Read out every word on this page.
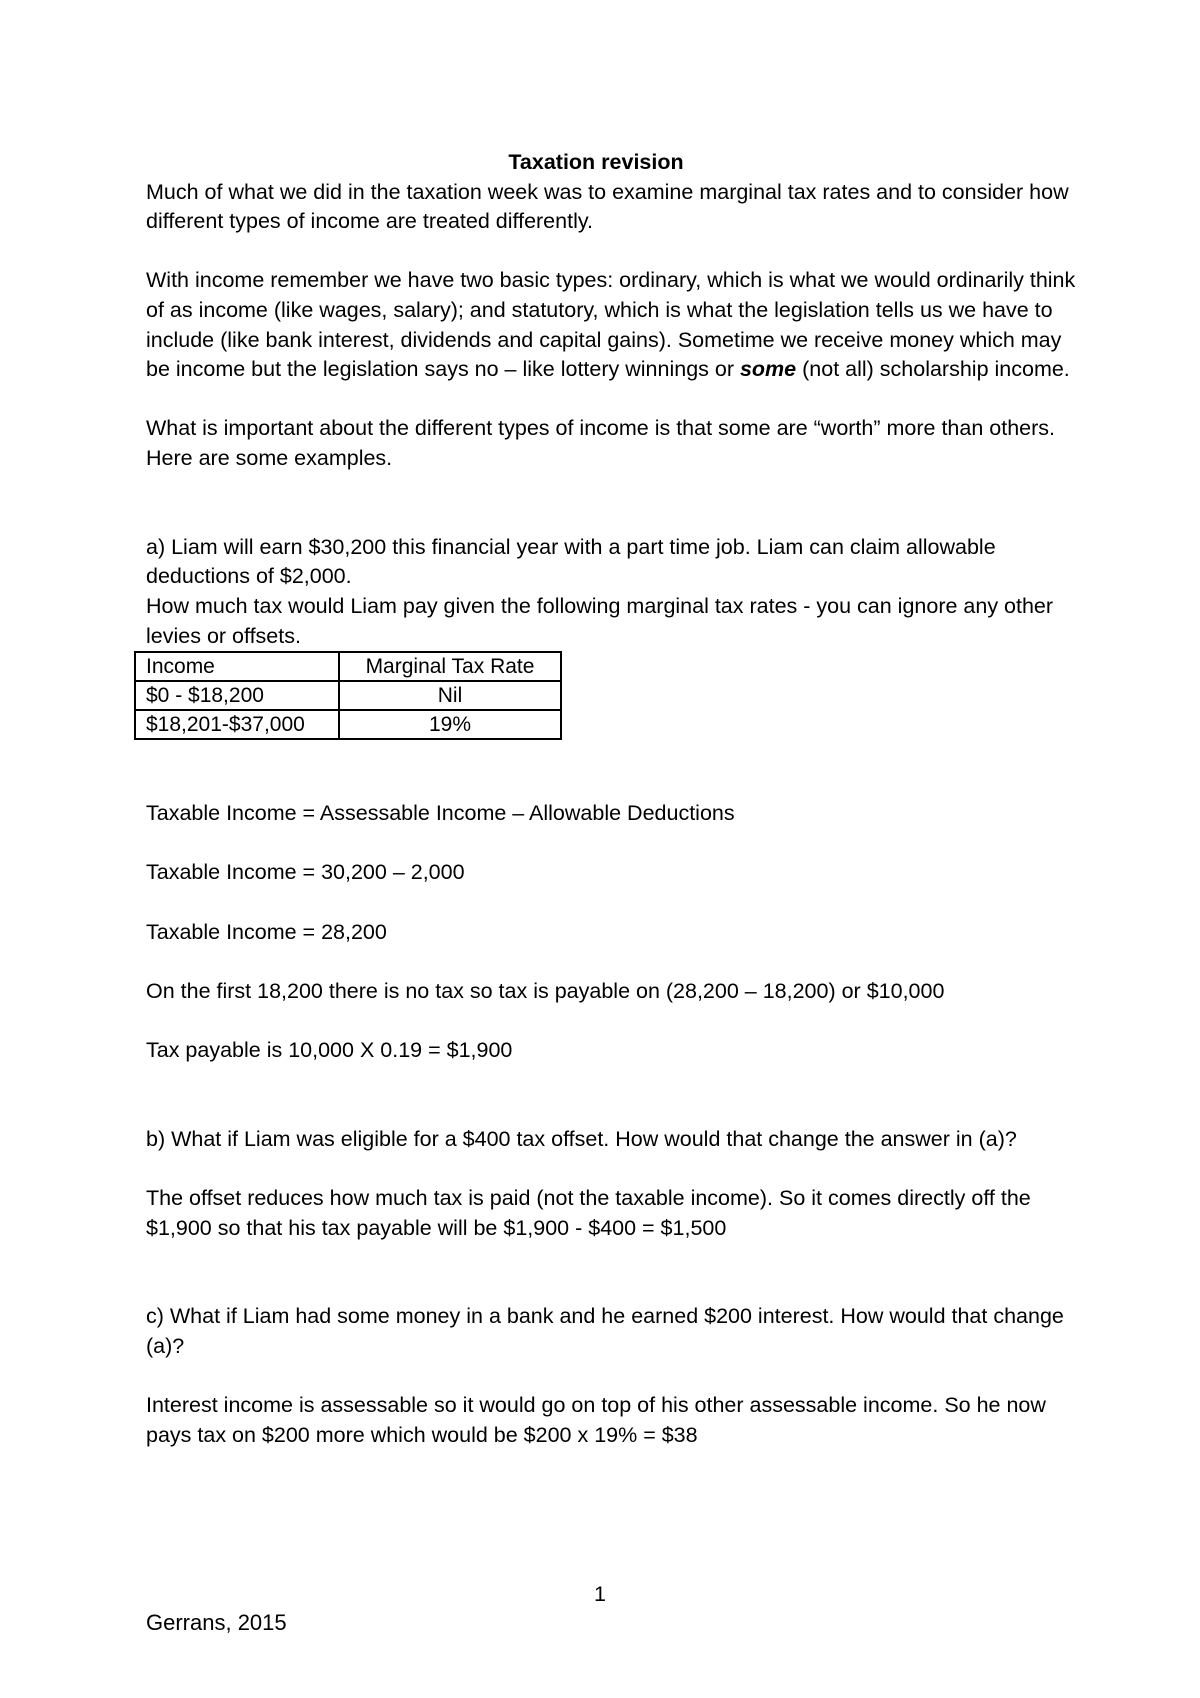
Taxation revision

Much of what we did in the taxation week was to examine marginal tax rates and to consider how different types of income are treated differently.

With income remember we have two basic types: ordinary, which is what we would ordinarily think of as income (like wages, salary); and statutory, which is what the legislation tells us we have to include (like bank interest, dividends and capital gains). Sometime we receive money which may be income but the legislation says no – like lottery winnings or some (not all) scholarship income.

What is important about the different types of income is that some are “worth” more than others. Here are some examples.

a) Liam will earn $30,200 this financial year with a part time job. Liam can claim allowable deductions of $2,000.

How much tax would Liam pay given the following marginal tax rates - you can ignore any other levies or offsets.

Income	Marginal Tax Rate
$0 - $18,200	Nil
$18,201-$37,000	19%

Taxable Income = Assessable Income – Allowable Deductions

Taxable Income = 30,200 – 2,000

Taxable Income = 28,200

On the first 18,200 there is no tax so tax is payable on (28,200 – 18,200) or $10,000

Tax payable is 10,000 X 0.19 = $1,900

b) What if Liam was eligible for a $400 tax offset. How would that change the answer in (a)?

The offset reduces how much tax is paid (not the taxable income). So it comes directly off the $1,900 so that his tax payable will be $1,900 - $400 = $1,500

c) What if Liam had some money in a bank and he earned $200 interest. How would that change (a)?

Interest income is assessable so it would go on top of his other assessable income. So he now pays tax on $200 more which would be $200 x 19% = $38

1
Gerrans, 2015
